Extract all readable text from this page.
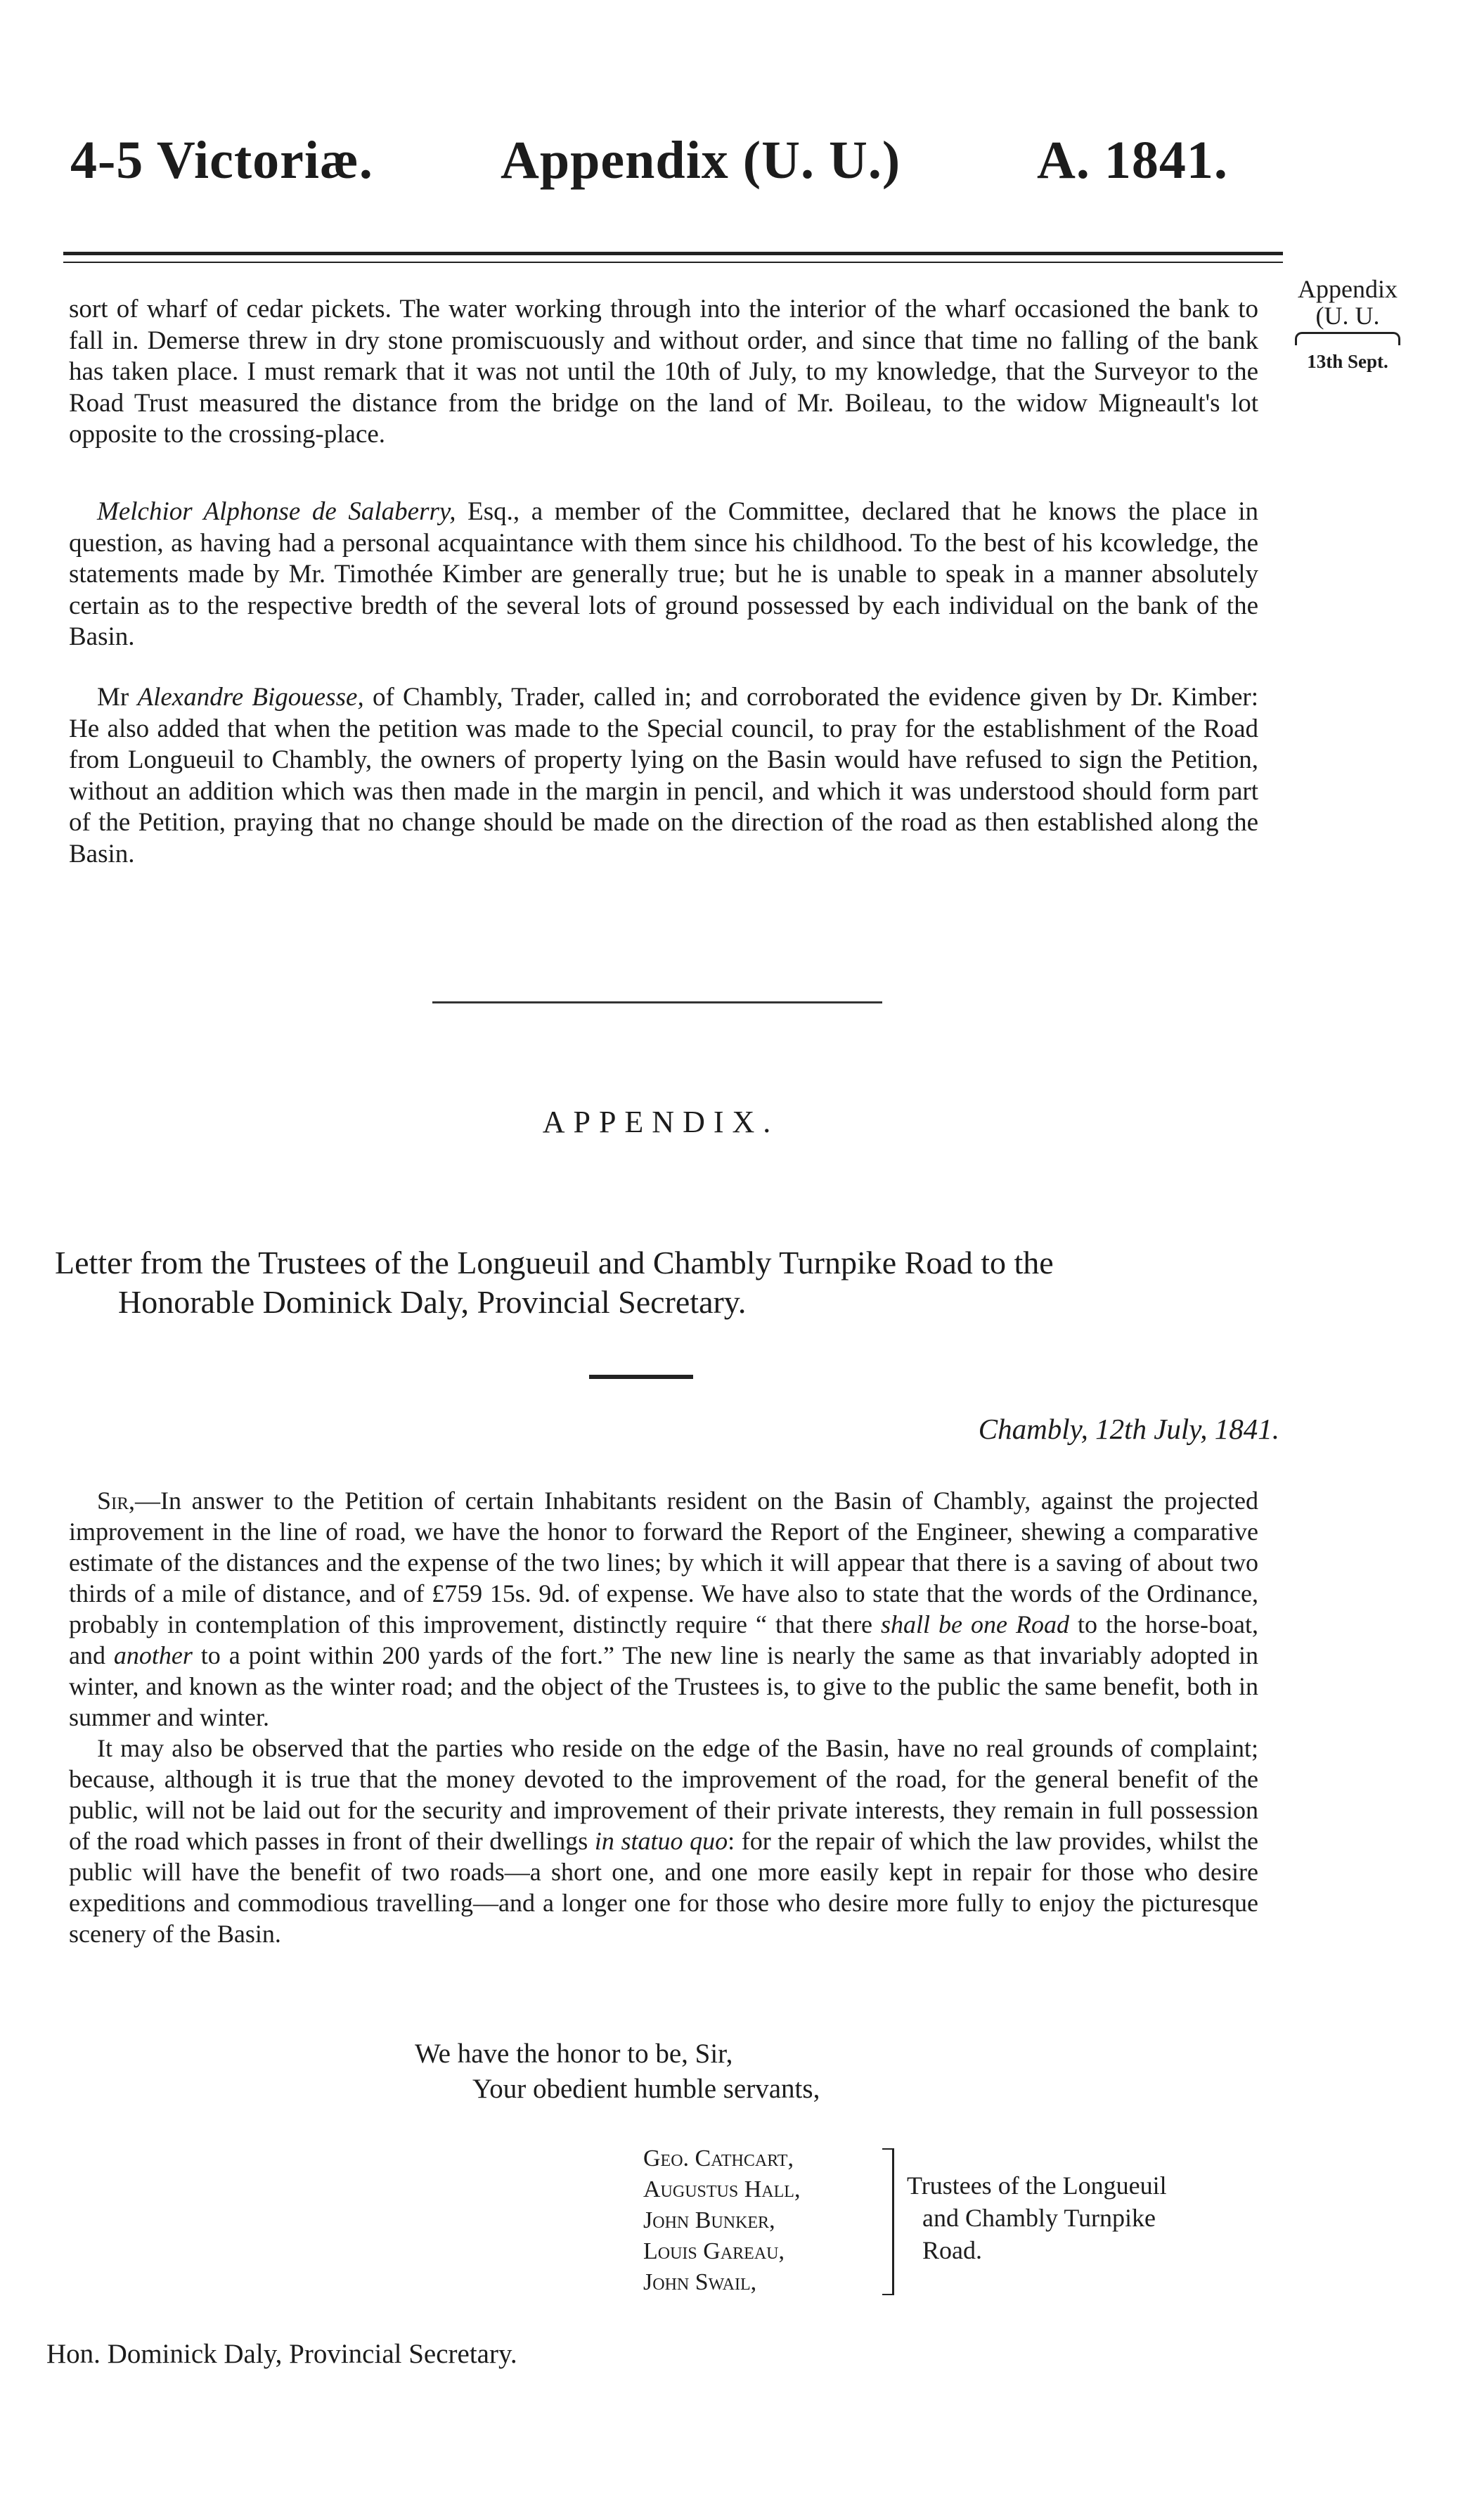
4-5 Victoriæ. Appendix (U. U.)	A. 1841.
Appendix
(U. U.
13th Sept.

sort of wharf of cedar pickets. The water working through into the interior of the wharf occasioned the bank to fall in. Demerse threw in dry stone promiscuously and without order, and since that time no falling of the bank has taken place. I must remark that it was not until the 10th of July, to my knowledge, that the Surveyor to the Road Trust measured the distance from the bridge on the land of Mr. Boileau, to the widow Migneault's lot opposite to the crossing-place.

Melchior Alphonse de Salaberry, Esq., a member of the Committee, declared that he knows the place in question, as having had a personal acquaintance with them since his childhood. To the best of his kcowledge, the statements made by Mr. Timothée Kimber are generally true; but he is unable to speak in a manner absolutely certain as to the respective bredth of the several lots of ground possessed by each individual on the bank of the Basin.

Mr Alexandre Bigouesse, of Chambly, Trader, called in; and corroborated the evidence given by Dr. Kimber: He also added that when the petition was made to the Special council, to pray for the establishment of the Road from Longueuil to Chambly, the owners of property lying on the Basin would have refused to sign the Petition, without an addition which was then made in the margin in pencil, and which it was understood should form part of the Petition, praying that no change should be made on the direction of the road as then established along the Basin.

APPENDIX.
Letter from the Trustees of the Longueuil and Chambly Turnpike Road to the
Honorable Dominick Daly, Provincial Secretary.
Chambly, 12th July, 1841.

Sir,—In answer to the Petition of certain Inhabitants resident on the Basin of Chambly, against the projected improvement in the line of road, we have the honor to forward the Report of the Engineer, shewing a comparative estimate of the distances and the expense of the two lines; by which it will appear that there is a saving of about two thirds of a mile of distance, and of £759 15s. 9d. of expense. We have also to state that the words of the Ordinance, probably in contemplation of this improvement, distinctly require “ that there shall be one Road to the horse-boat, and another to a point within 200 yards of the fort.” The new line is nearly the same as that invariably adopted in winter, and known as the winter road; and the object of the Trustees is, to give to the public the same benefit, both in summer and winter.

It may also be observed that the parties who reside on the edge of the Basin, have no real grounds of complaint; because, although it is true that the money devoted to the improvement of the road, for the general benefit of the public, will not be laid out for the security and improvement of their private interests, they remain in full possession of the road which passes in front of their dwellings in statuo quo: for the repair of which the law provides, whilst the public will have the benefit of two roads—a short one, and one more easily kept in repair for those who desire expeditions and commodious travelling—and a longer one for those who desire more fully to enjoy the picturesque scenery of the Basin.

We have the honor to be, Sir,
Your obedient humble servants,
Geo. Cathcart,
Augustus Hall,
John Bunker,
Louis Gareau,
John Swail,
Trustees of the Longueuil
and Chambly Turnpike
Road.
Hon. Dominick Daly, Provincial Secretary.
